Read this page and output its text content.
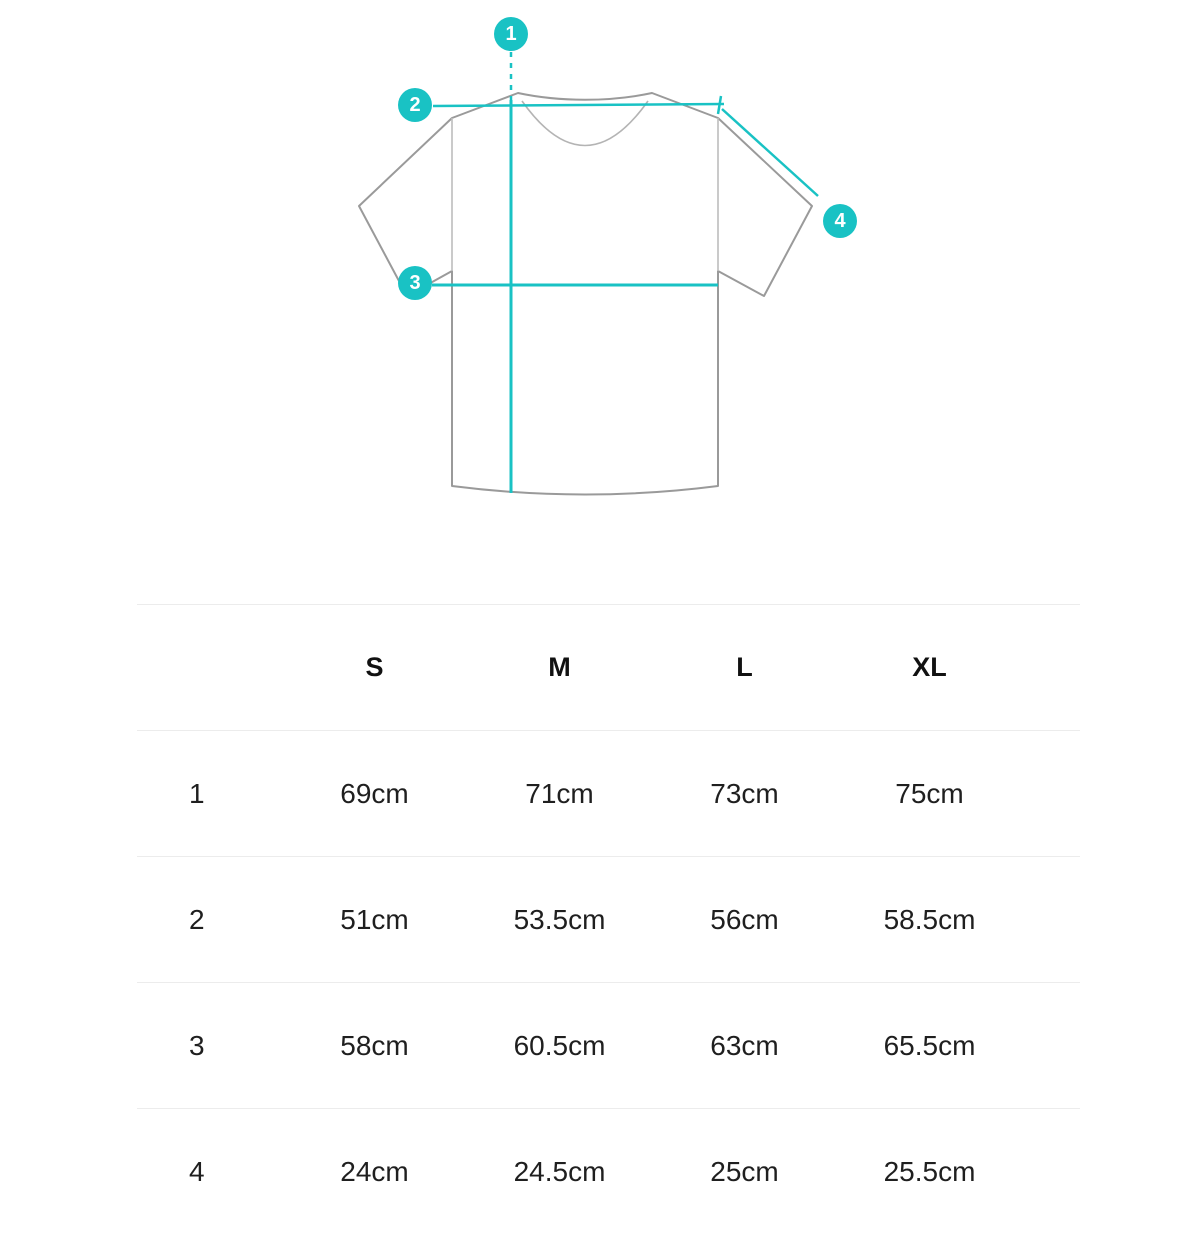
1
2
3
4
	S	M	L	XL	
1	69cm	71cm	73cm	75cm	
2	51cm	53.5cm	56cm	58.5cm	
3	58cm	60.5cm	63cm	65.5cm	
4	24cm	24.5cm	25cm	25.5cm	
